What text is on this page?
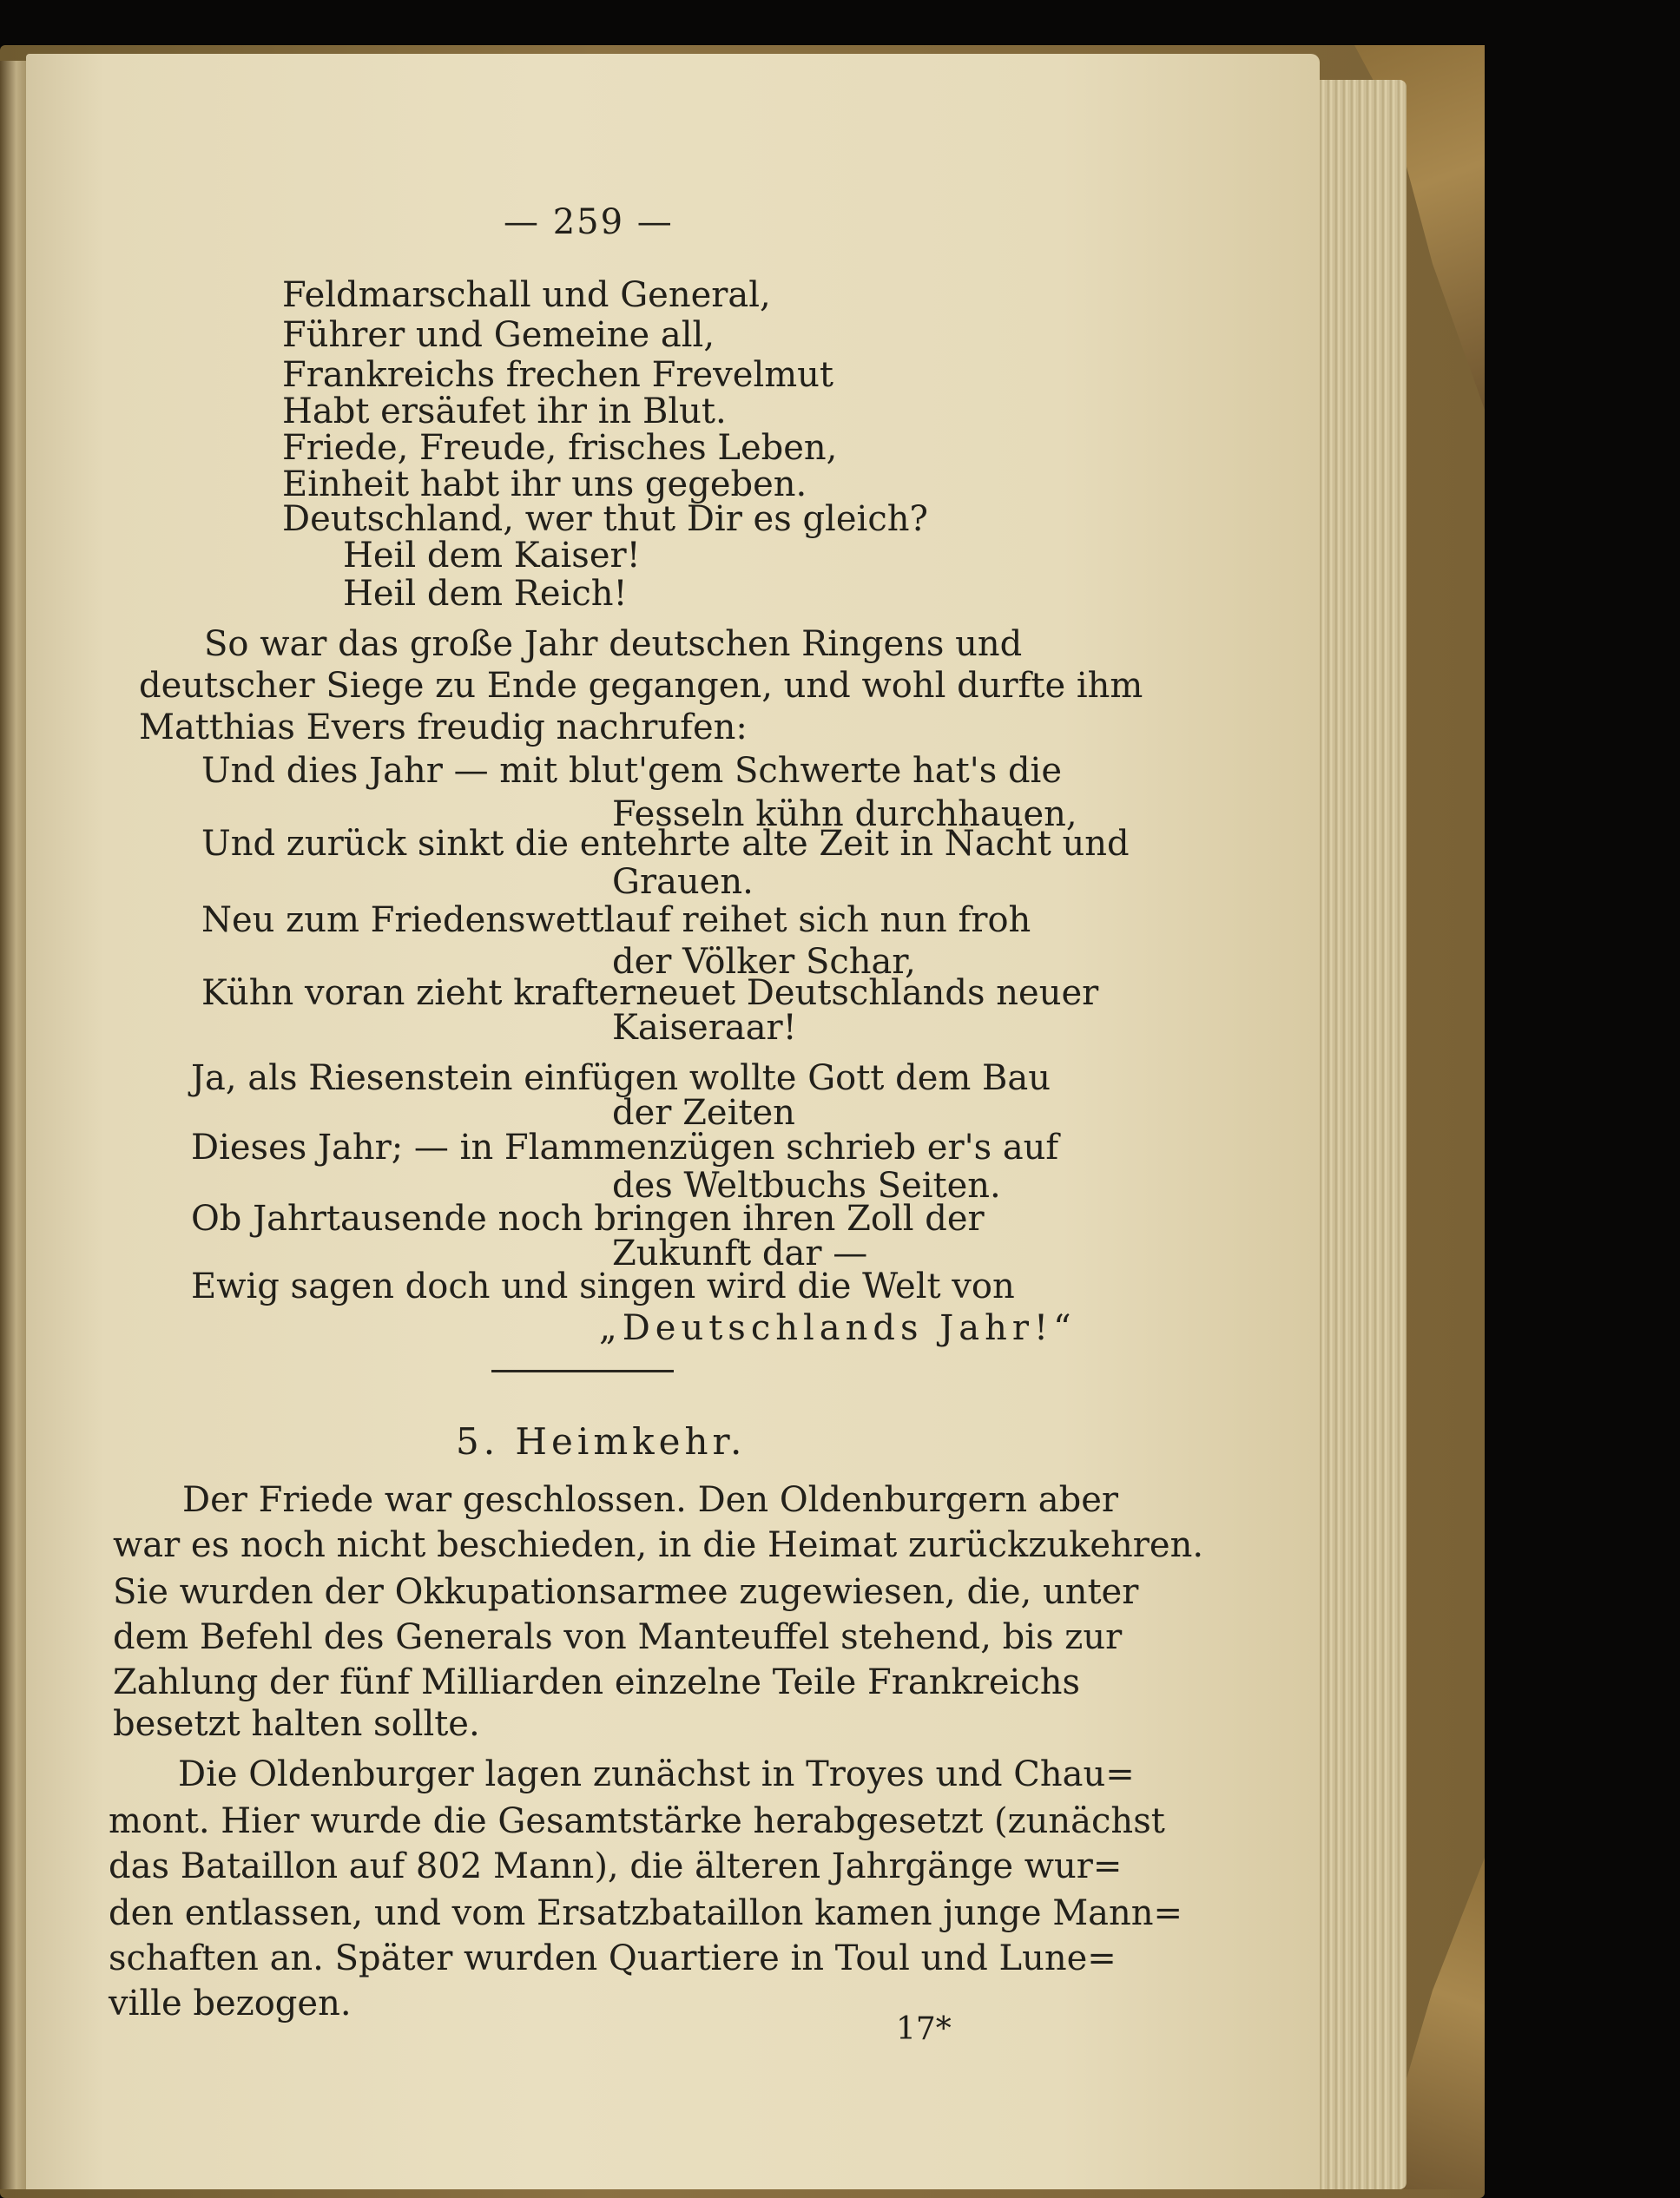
— 259 —
Feldmarschall und General,
Führer und Gemeine all,
Frankreichs frechen Frevelmut
Habt ersäufet ihr in Blut.
Friede, Freude, frisches Leben,
Einheit habt ihr uns gegeben.
Deutschland, wer thut Dir es gleich?
Heil dem Kaiser!
Heil dem Reich!
So war das große Jahr deutschen Ringens und
deutscher Siege zu Ende gegangen, und wohl durfte ihm
Matthias Evers freudig nachrufen:
Und dies Jahr — mit blut'gem Schwerte hat's die
Fesseln kühn durchhauen,
Und zurück sinkt die entehrte alte Zeit in Nacht und
Grauen.
Neu zum Friedenswettlauf reihet sich nun froh
der Völker Schar,
Kühn voran zieht krafterneuet Deutschlands neuer
Kaiseraar!
Ja, als Riesenstein einfügen wollte Gott dem Bau
der Zeiten
Dieses Jahr; — in Flammenzügen schrieb er's auf
des Weltbuchs Seiten.
Ob Jahrtausende noch bringen ihren Zoll der
Zukunft dar —
Ewig sagen doch und singen wird die Welt von
„Deutschlands Jahr!“
5. Heimkehr.
Der Friede war geschlossen. Den Oldenburgern aber
war es noch nicht beschieden, in die Heimat zurückzukehren.
Sie wurden der Okkupationsarmee zugewiesen, die, unter
dem Befehl des Generals von Manteuffel stehend, bis zur
Zahlung der fünf Milliarden einzelne Teile Frankreichs
besetzt halten sollte.
Die Oldenburger lagen zunächst in Troyes und Chau=
mont. Hier wurde die Gesamtstärke herabgesetzt (zunächst
das Bataillon auf 802 Mann), die älteren Jahrgänge wur=
den entlassen, und vom Ersatzbataillon kamen junge Mann=
schaften an. Später wurden Quartiere in Toul und Lune=
ville bezogen.
17*
